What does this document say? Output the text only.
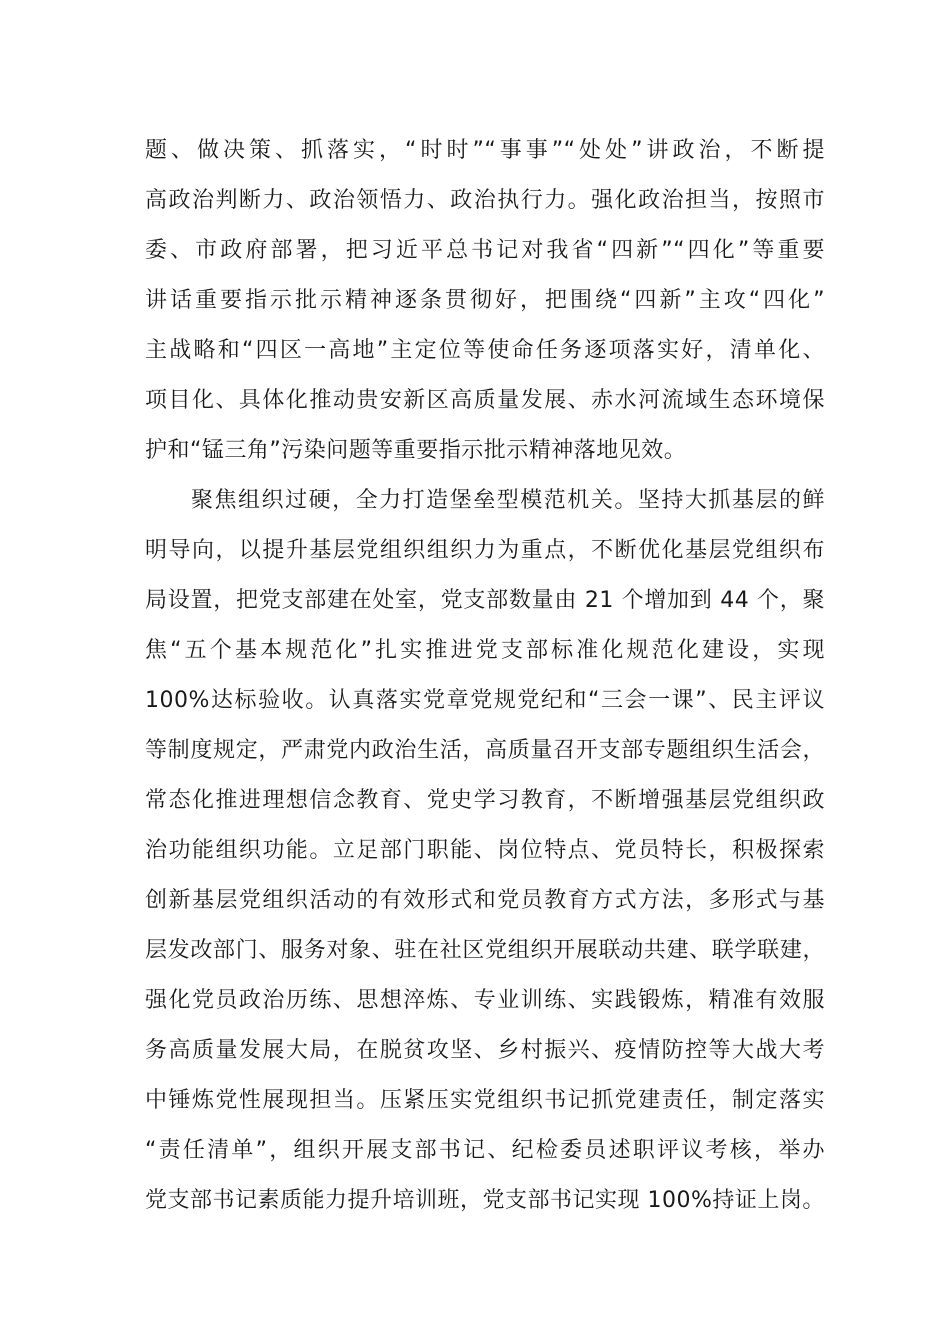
题、做决策、抓落实，“时时”“事事”“处处”讲政治，不断提

高政治判断力、政治领悟力、政治执行力。强化政治担当，按照市

委、市政府部署，把习近平总书记对我省“四新”“四化”等重要

讲话重要指示批示精神逐条贯彻好，把围绕“四新”主攻“四化”

主战略和“四区一高地”主定位等使命任务逐项落实好，清单化、

项目化、具体化推动贵安新区高质量发展、赤水河流域生态环境保

护和“锰三角”污染问题等重要指示批示精神落地见效。

聚焦组织过硬，全力打造堡垒型模范机关。坚持大抓基层的鲜

明导向，以提升基层党组织组织力为重点，不断优化基层党组织布

局设置，把党支部建在处室，党支部数量由 21 个增加到 44 个，聚

焦“五个基本规范化”扎实推进党支部标准化规范化建设，实现

100%达标验收。认真落实党章党规党纪和“三会一课”、民主评议

等制度规定，严肃党内政治生活，高质量召开支部专题组织生活会，

常态化推进理想信念教育、党史学习教育，不断增强基层党组织政

治功能组织功能。立足部门职能、岗位特点、党员特长，积极探索

创新基层党组织活动的有效形式和党员教育方式方法，多形式与基

层发改部门、服务对象、驻在社区党组织开展联动共建、联学联建，

强化党员政治历练、思想淬炼、专业训练、实践锻炼，精准有效服

务高质量发展大局，在脱贫攻坚、乡村振兴、疫情防控等大战大考

中锤炼党性展现担当。压紧压实党组织书记抓党建责任，制定落实

“责任清单”，组织开展支部书记、纪检委员述职评议考核，举办

党支部书记素质能力提升培训班，党支部书记实现 100%持证上岗。
